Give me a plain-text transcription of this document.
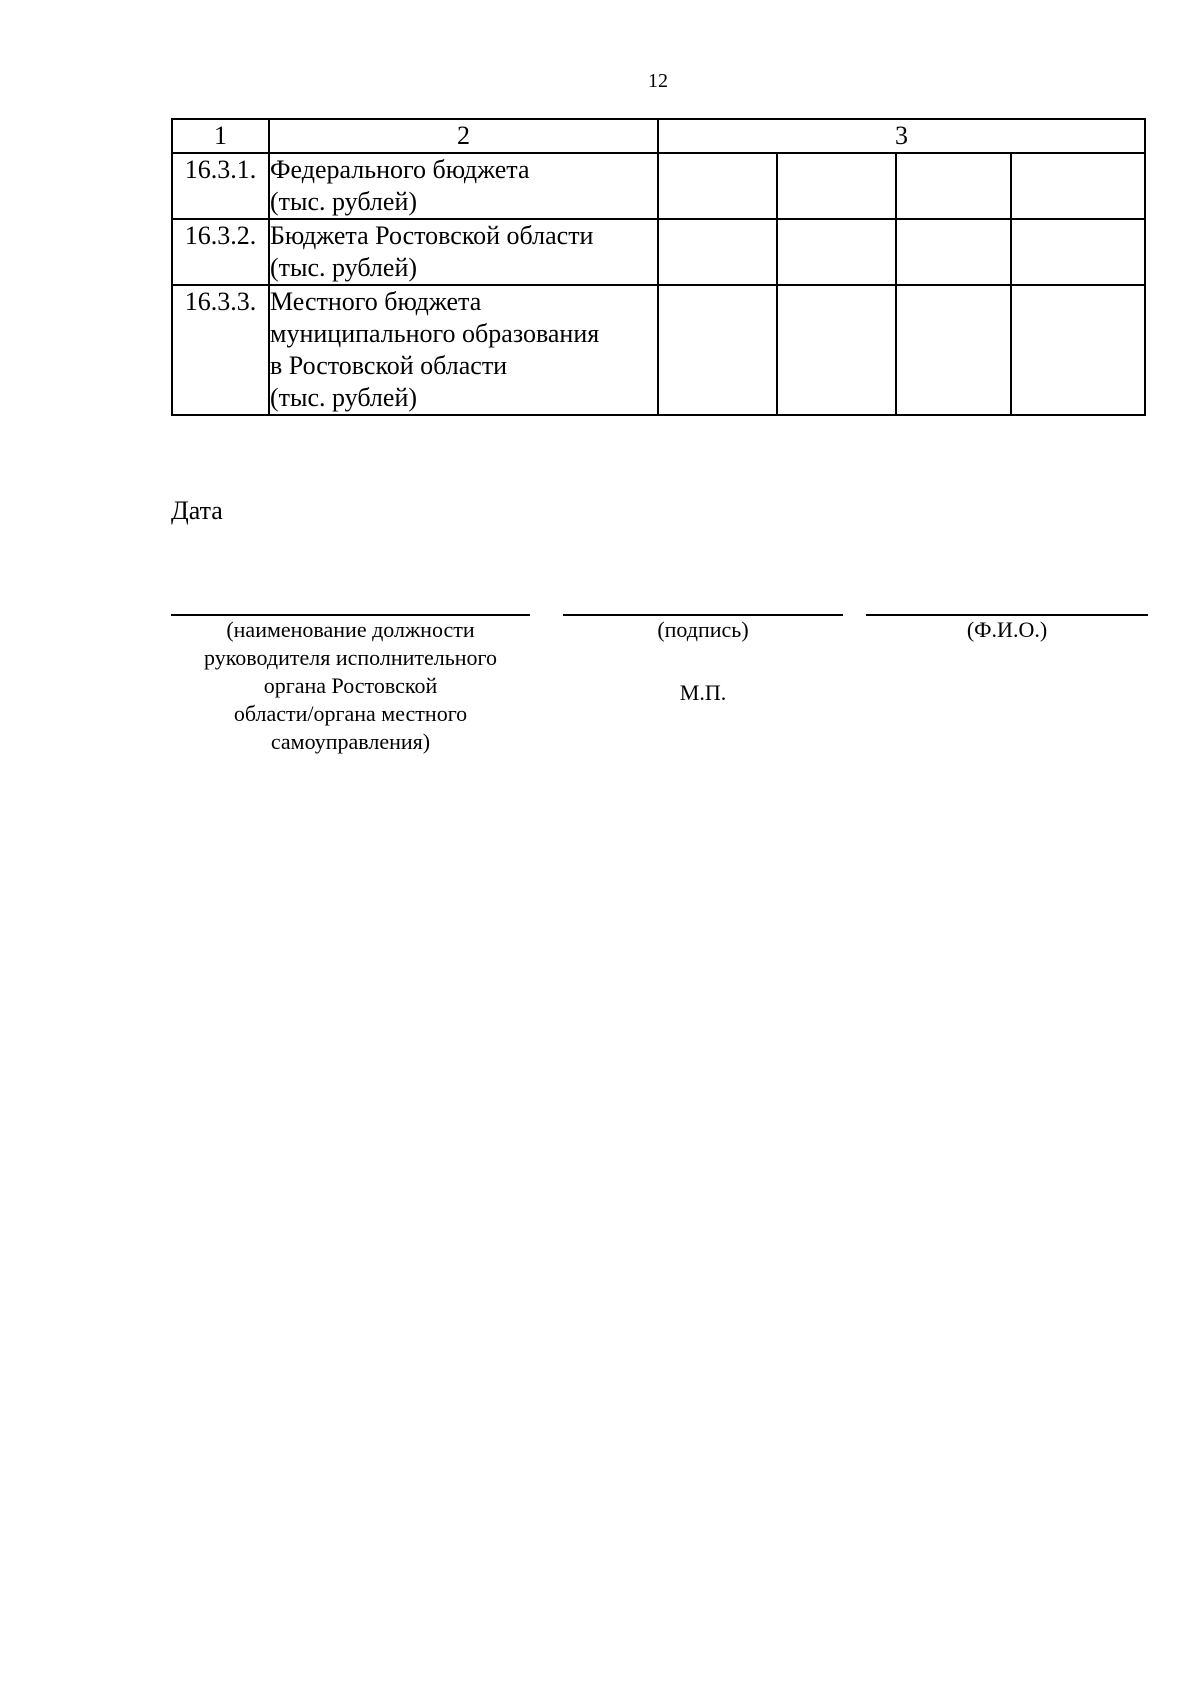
12
1	2	3			
16.3.1.	Федерального бюджета
(тыс. рублей)				

16.3.2.	Бюджета Ростовской области
(тыс. рублей)				

16.3.3.	Местного бюджета
муниципального образования
в Ростовской области
(тыс. рублей)				

Дата
(наименование должности
руководителя исполнительного
органа Ростовской
области/органа местного
самоуправления)
(подпись)	(Ф.И.О.)
М.П.
